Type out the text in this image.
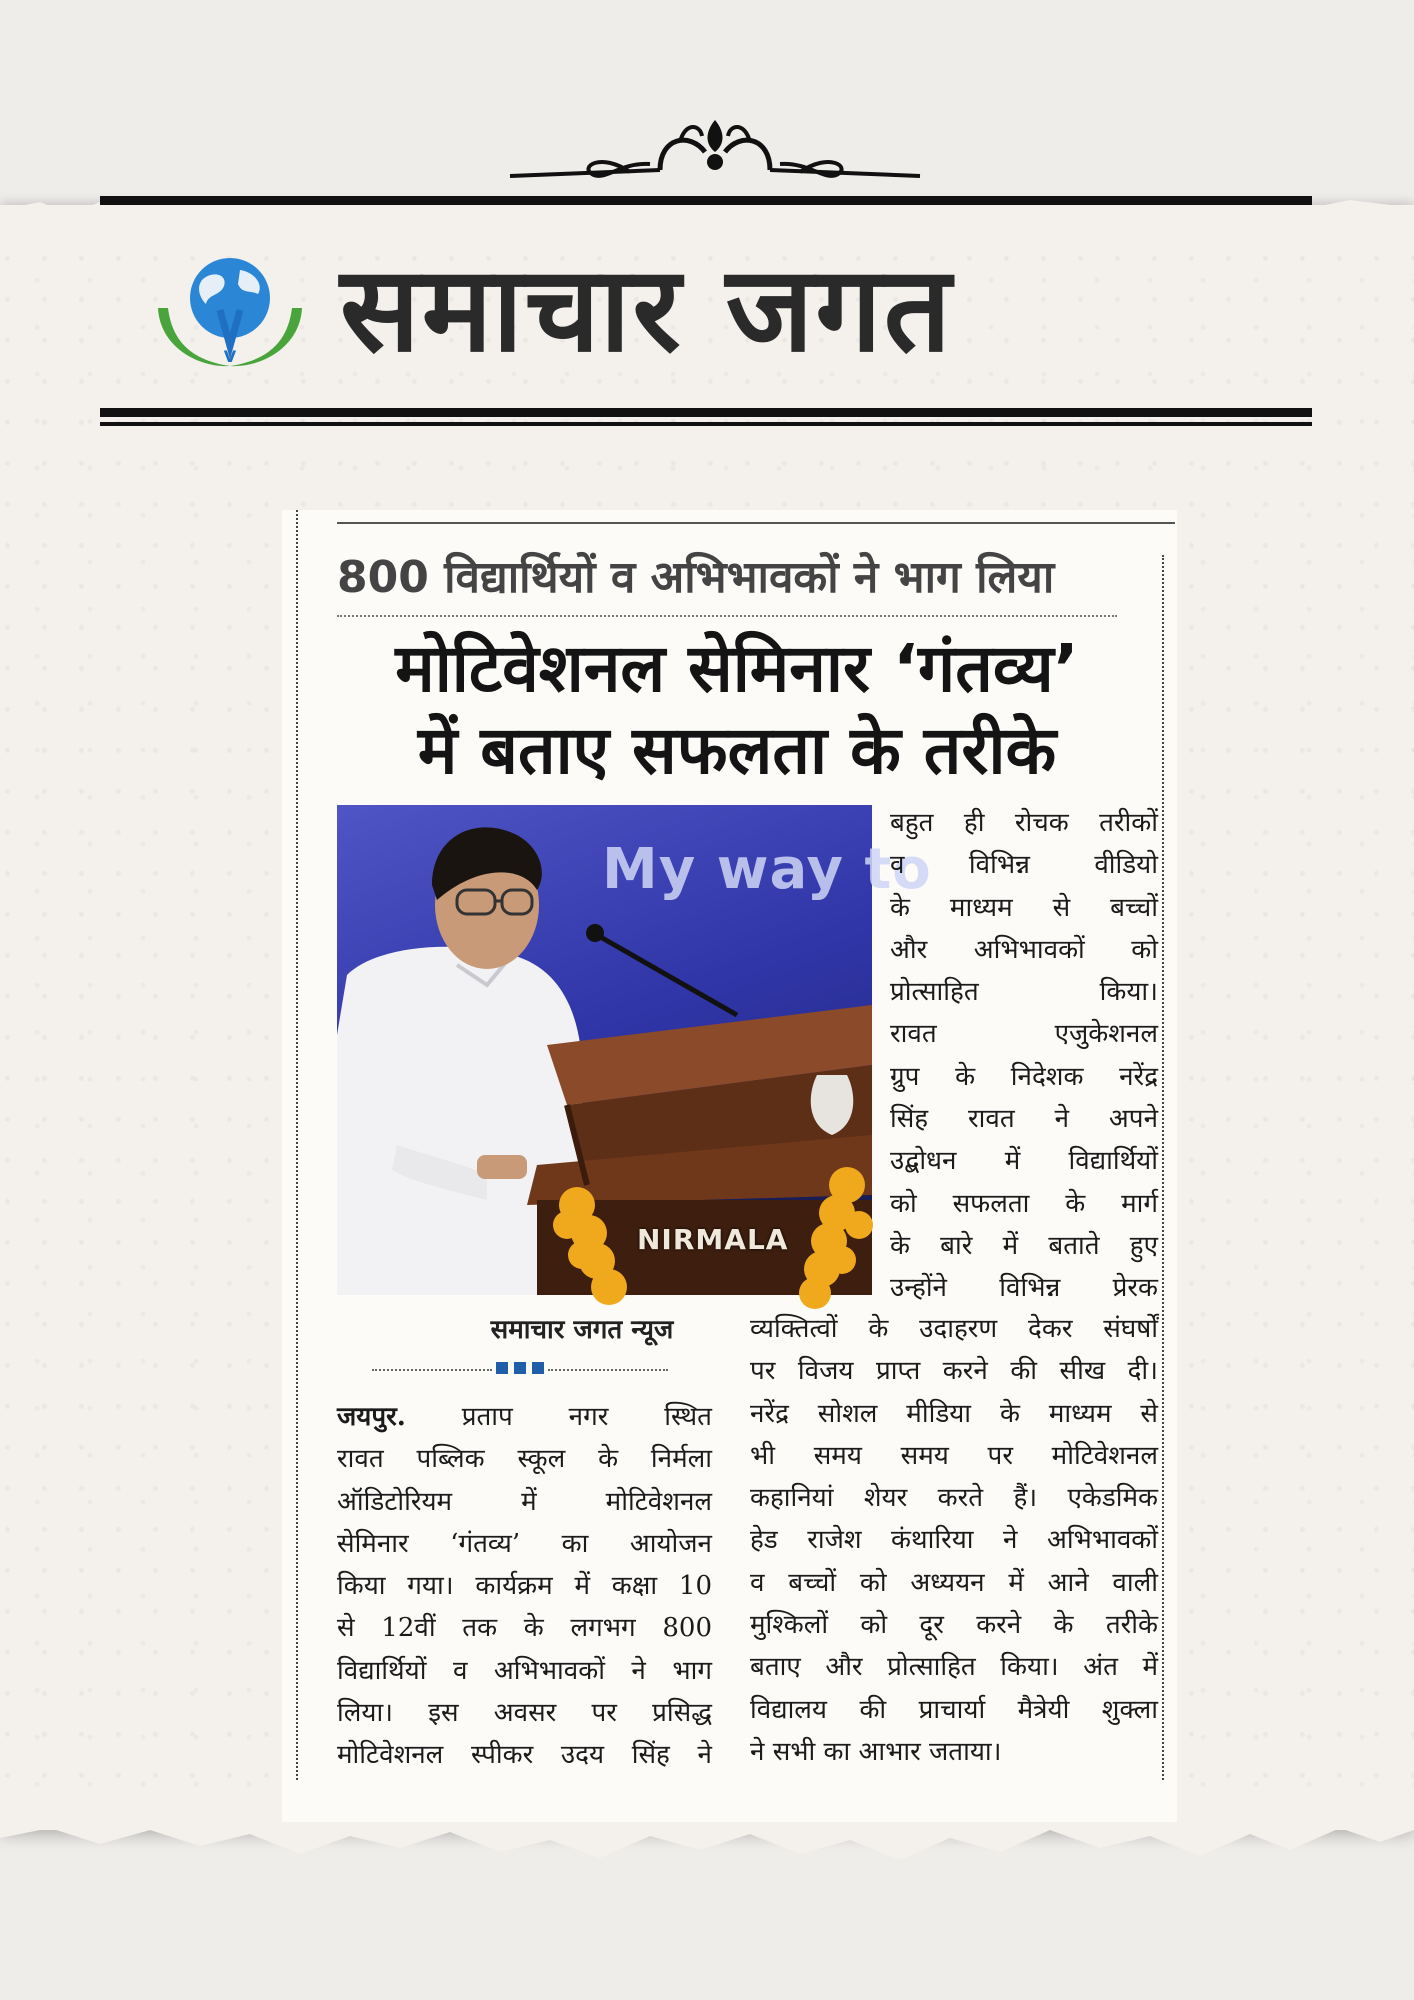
V समाचार जगत
800 विद्यार्थियों व अभिभावकों ने भाग लिया
मोटिवेशनल सेमिनार ‘गंतव्य’
में बताए सफलता के तरीके
My way to
NIRMALA
बहुत ही रोचक तरीकों
व विभिन्न वीडियो
के माध्यम से बच्चों
और अभिभावकों को
प्रोत्साहित किया।
रावत एजुकेशनल
ग्रुप के निदेशक नरेंद्र
सिंह रावत ने अपने
उद्बोधन में विद्यार्थियों
को सफलता के मार्ग
के बारे में बताते हुए
उन्होंने विभिन्न प्रेरक
समाचार जगत न्यूज
जयपुर. प्रताप नगर स्थित
रावत पब्लिक स्कूल के निर्मला
ऑडिटोरियम में मोटिवेशनल
सेमिनार ‘गंतव्य’ का आयोजन
किया गया। कार्यक्रम में कक्षा 10
से 12वीं तक के लगभग 800
विद्यार्थियों व अभिभावकों ने भाग
लिया। इस अवसर पर प्रसिद्ध
मोटिवेशनल स्पीकर उदय सिंह ने
व्यक्तित्वों के उदाहरण देकर संघर्षों
पर विजय प्राप्त करने की सीख दी।
नरेंद्र सोशल मीडिया के माध्यम से
भी समय समय पर मोटिवेशनल
कहानियां शेयर करते हैं। एकेडमिक
हेड राजेश कंथारिया ने अभिभावकों
व बच्चों को अध्ययन में आने वाली
मुश्किलों को दूर करने के तरीके
बताए और प्रोत्साहित किया। अंत में
विद्यालय की प्राचार्या मैत्रेयी शुक्ला
ने सभी का आभार जताया।
